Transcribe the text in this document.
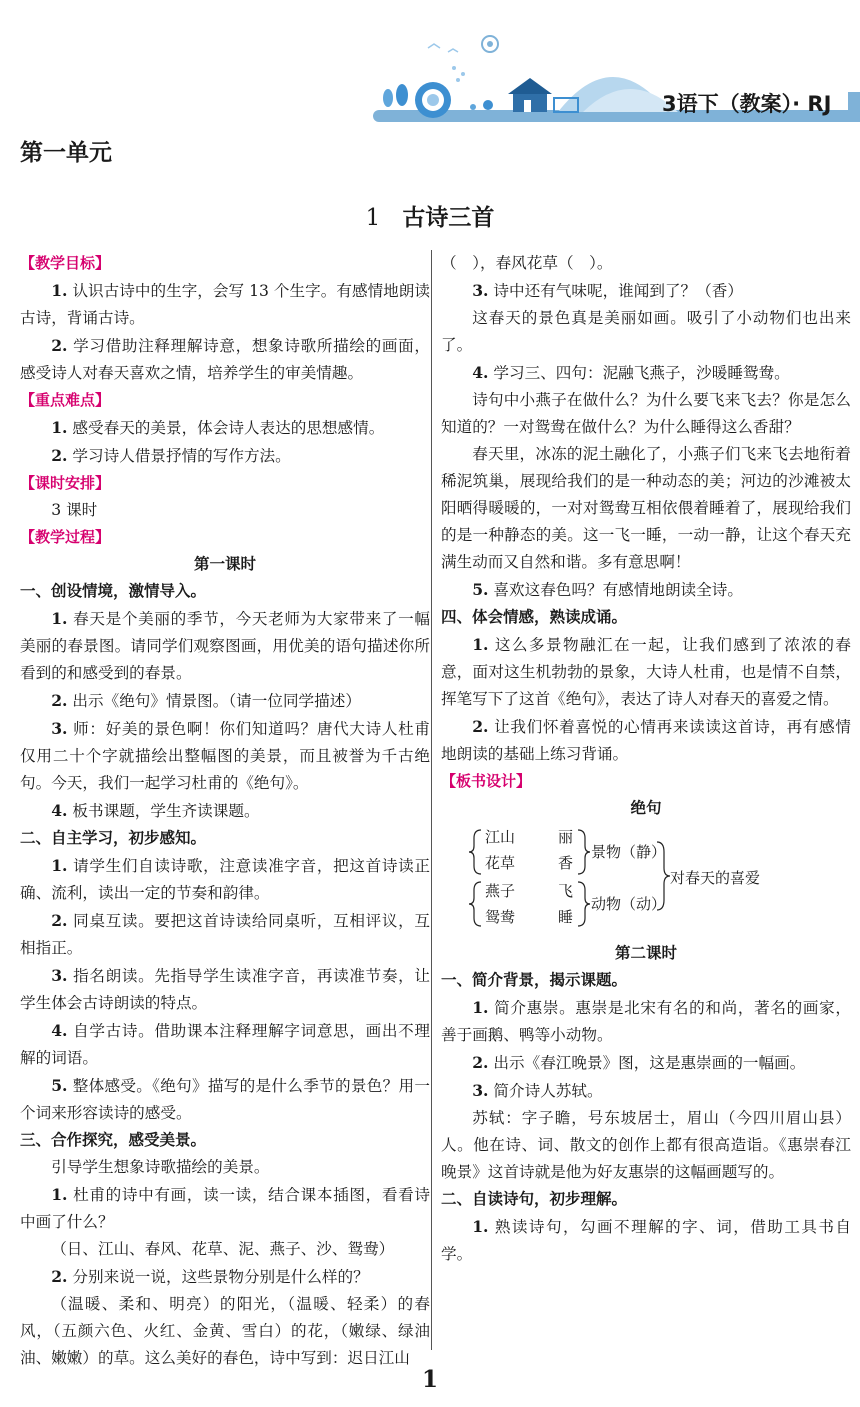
3语下（教案）· RJ
第一单元
1 古诗三首

【教学目标】

1. 认识古诗中的生字，会写 13 个生字。有感情地朗读古诗，背诵古诗。

2. 学习借助注释理解诗意，想象诗歌所描绘的画面，感受诗人对春天喜欢之情，培养学生的审美情趣。

【重点难点】

1. 感受春天的美景，体会诗人表达的思想感情。

2. 学习诗人借景抒情的写作方法。

【课时安排】

3 课时

【教学过程】

第一课时

一、创设情境，激情导入。

1. 春天是个美丽的季节，今天老师为大家带来了一幅美丽的春景图。请同学们观察图画，用优美的语句描述你所看到的和感受到的春景。

2. 出示《绝句》情景图。（请一位同学描述）

3. 师：好美的景色啊！你们知道吗？唐代大诗人杜甫仅用二十个字就描绘出整幅图的美景，而且被誉为千古绝句。今天，我们一起学习杜甫的《绝句》。

4. 板书课题，学生齐读课题。

二、自主学习，初步感知。

1. 请学生们自读诗歌，注意读准字音，把这首诗读正确、流利，读出一定的节奏和韵律。

2. 同桌互读。要把这首诗读给同桌听，互相评议，互相指正。

3. 指名朗读。先指导学生读准字音，再读准节奏，让学生体会古诗朗读的特点。

4. 自学古诗。借助课本注释理解字词意思，画出不理解的词语。

5. 整体感受。《绝句》描写的是什么季节的景色？用一个词来形容读诗的感受。

三、合作探究，感受美景。

引导学生想象诗歌描绘的美景。

1. 杜甫的诗中有画，读一读，结合课本插图，看看诗中画了什么？

（日、江山、春风、花草、泥、燕子、沙、鸳鸯）

2. 分别来说一说，这些景物分别是什么样的？

（温暖、柔和、明亮）的阳光，（温暖、轻柔）的春风，（五颜六色、火红、金黄、雪白）的花，（嫩绿、绿油油、嫩嫩）的草。这么美好的春色，诗中写到：迟日江山

（　），春风花草（　）。

3. 诗中还有气味呢，谁闻到了？（香）

这春天的景色真是美丽如画。吸引了小动物们也出来了。

4. 学习三、四句：泥融飞燕子，沙暖睡鸳鸯。

诗句中小燕子在做什么？为什么要飞来飞去？你是怎么知道的？一对鸳鸯在做什么？为什么睡得这么香甜？

春天里，冰冻的泥土融化了，小燕子们飞来飞去地衔着稀泥筑巢，展现给我们的是一种动态的美；河边的沙滩被太阳晒得暖暖的，一对对鸳鸯互相依偎着睡着了，展现给我们的是一种静态的美。这一飞一睡，一动一静，让这个春天充满生动而又自然和谐。多有意思啊！

5. 喜欢这春色吗？有感情地朗读全诗。

四、体会情感，熟读成诵。

1. 这么多景物融汇在一起，让我们感到了浓浓的春意，面对这生机勃勃的景象，大诗人杜甫，也是情不自禁，挥笔写下了这首《绝句》，表达了诗人对春天的喜爱之情。

2. 让我们怀着喜悦的心情再来读读这首诗，再有感情地朗读的基础上练习背诵。

【板书设计】

绝句

江山	丽
花草	香
燕子	飞
鸳鸯	睡
景物（静）
动物（动）
对春天的喜爱

第二课时

一、简介背景，揭示课题。

1. 简介惠崇。惠崇是北宋有名的和尚，著名的画家，善于画鹅、鸭等小动物。

2. 出示《春江晚景》图，这是惠崇画的一幅画。

3. 简介诗人苏轼。

苏轼：字子瞻，号东坡居士，眉山（今四川眉山县）人。他在诗、词、散文的创作上都有很高造诣。《惠崇春江晚景》这首诗就是他为好友惠崇的这幅画题写的。

二、自读诗句，初步理解。

1. 熟读诗句，勾画不理解的字、词，借助工具书自学。

1
